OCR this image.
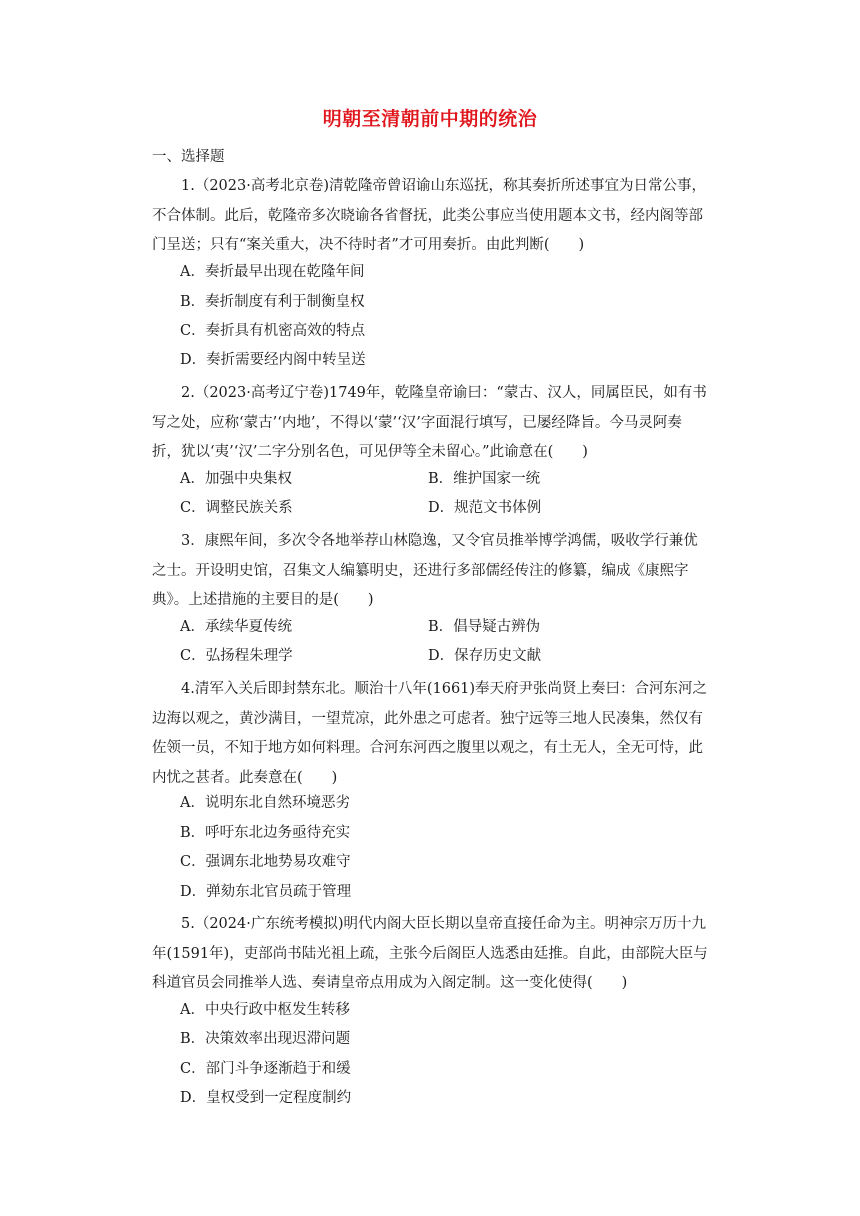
明朝至清朝前中期的统治
一、选择题
1.（2023·高考北京卷)清乾隆帝曾诏谕山东巡抚，称其奏折所述事宜为日常公事，不合体制。此后，乾隆帝多次晓谕各省督抚，此类公事应当使用题本文书，经内阁等部门呈送；只有“案关重大，决不待时者”才可用奏折。由此判断(　　)
A．奏折最早出现在乾隆年间
B．奏折制度有利于制衡皇权
C．奏折具有机密高效的特点
D．奏折需要经内阁中转呈送
2.（2023·高考辽宁卷)1749年，乾隆皇帝谕曰：“蒙古、汉人，同属臣民，如有书写之处，应称‘蒙古’‘内地’，不得以‘蒙’‘汉’字面混行填写，已屡经降旨。今马灵阿奏折，犹以‘夷’‘汉’二字分别名色，可见伊等全未留心。”此谕意在(　　)
A．加强中央集权	B．维护国家一统
C．调整民族关系	D．规范文书体例
3．康熙年间，多次令各地举荐山林隐逸，又令官员推举博学鸿儒，吸收学行兼优之士。开设明史馆，召集文人编纂明史，还进行多部儒经传注的修纂，编成《康熙字典》。上述措施的主要目的是(　　)
A．承续华夏传统	B．倡导疑古辨伪
C．弘扬程朱理学	D．保存历史文献
4.清军入关后即封禁东北。顺治十八年(1661)奉天府尹张尚贤上奏曰：合河东河之边海以观之，黄沙满目，一望荒凉，此外患之可虑者。独宁远等三地人民凑集，然仅有佐领一员，不知于地方如何料理。合河东河西之腹里以观之，有土无人，全无可恃，此内忧之甚者。此奏意在(　　)
A．说明东北自然环境恶劣
B．呼吁东北边务亟待充实
C．强调东北地势易攻难守
D．弹劾东北官员疏于管理
5.（2024·广东统考模拟)明代内阁大臣长期以皇帝直接任命为主。明神宗万历十九年(1591年)，吏部尚书陆光祖上疏，主张今后阁臣人选悉由廷推。自此，由部院大臣与科道官员会同推举人选、奏请皇帝点用成为入阁定制。这一变化使得(　　)
A．中央行政中枢发生转移
B．决策效率出现迟滞问题
C．部门斗争逐渐趋于和缓
D．皇权受到一定程度制约
